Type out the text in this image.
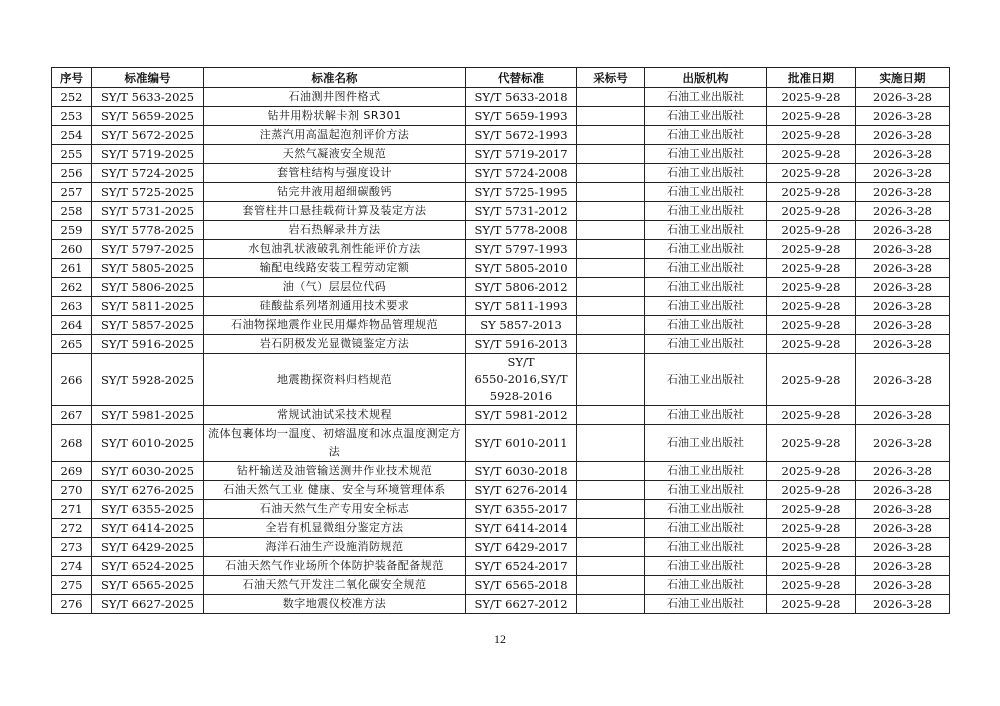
序号	标准编号	标准名称	代替标准	采标号	出版机构	批准日期	实施日期
252	SY/T 5633-2025	石油测井图件格式	SY/T 5633-2018		石油工业出版社	2025-9-28	2026-3-28
253	SY/T 5659-2025	钻井用粉状解卡剂 SR301	SY/T 5659-1993		石油工业出版社	2025-9-28	2026-3-28
254	SY/T 5672-2025	注蒸汽用高温起泡剂评价方法	SY/T 5672-1993		石油工业出版社	2025-9-28	2026-3-28
255	SY/T 5719-2025	天然气凝液安全规范	SY/T 5719-2017		石油工业出版社	2025-9-28	2026-3-28
256	SY/T 5724-2025	套管柱结构与强度设计	SY/T 5724-2008		石油工业出版社	2025-9-28	2026-3-28
257	SY/T 5725-2025	钻完井液用超细碳酸钙	SY/T 5725-1995		石油工业出版社	2025-9-28	2026-3-28
258	SY/T 5731-2025	套管柱井口悬挂载荷计算及装定方法	SY/T 5731-2012		石油工业出版社	2025-9-28	2026-3-28
259	SY/T 5778-2025	岩石热解录井方法	SY/T 5778-2008		石油工业出版社	2025-9-28	2026-3-28
260	SY/T 5797-2025	水包油乳状液破乳剂性能评价方法	SY/T 5797-1993		石油工业出版社	2025-9-28	2026-3-28
261	SY/T 5805-2025	输配电线路安装工程劳动定额	SY/T 5805-2010		石油工业出版社	2025-9-28	2026-3-28
262	SY/T 5806-2025	油（气）层层位代码	SY/T 5806-2012		石油工业出版社	2025-9-28	2026-3-28
263	SY/T 5811-2025	硅酸盐系列堵剂通用技术要求	SY/T 5811-1993		石油工业出版社	2025-9-28	2026-3-28
264	SY/T 5857-2025	石油物探地震作业民用爆炸物品管理规范	SY 5857-2013		石油工业出版社	2025-9-28	2026-3-28
265	SY/T 5916-2025	岩石阴极发光显微镜鉴定方法	SY/T 5916-2013		石油工业出版社	2025-9-28	2026-3-28
266	SY/T 5928-2025	地震勘探资料归档规范	SY/T
6550-2016,SY/T
5928-2016		石油工业出版社	2025-9-28	2026-3-28
267	SY/T 5981-2025	常规试油试采技术规程	SY/T 5981-2012		石油工业出版社	2025-9-28	2026-3-28
268	SY/T 6010-2025	流体包裹体均一温度、初熔温度和冰点温度测定方法	SY/T 6010-2011		石油工业出版社	2025-9-28	2026-3-28
269	SY/T 6030-2025	钻杆输送及油管输送测井作业技术规范	SY/T 6030-2018		石油工业出版社	2025-9-28	2026-3-28
270	SY/T 6276-2025	石油天然气工业 健康、安全与环境管理体系	SY/T 6276-2014		石油工业出版社	2025-9-28	2026-3-28
271	SY/T 6355-2025	石油天然气生产专用安全标志	SY/T 6355-2017		石油工业出版社	2025-9-28	2026-3-28
272	SY/T 6414-2025	全岩有机显微组分鉴定方法	SY/T 6414-2014		石油工业出版社	2025-9-28	2026-3-28
273	SY/T 6429-2025	海洋石油生产设施消防规范	SY/T 6429-2017		石油工业出版社	2025-9-28	2026-3-28
274	SY/T 6524-2025	石油天然气作业场所个体防护装备配备规范	SY/T 6524-2017		石油工业出版社	2025-9-28	2026-3-28
275	SY/T 6565-2025	石油天然气开发注二氧化碳安全规范	SY/T 6565-2018		石油工业出版社	2025-9-28	2026-3-28
276	SY/T 6627-2025	数字地震仪校准方法	SY/T 6627-2012		石油工业出版社	2025-9-28	2026-3-28
12
